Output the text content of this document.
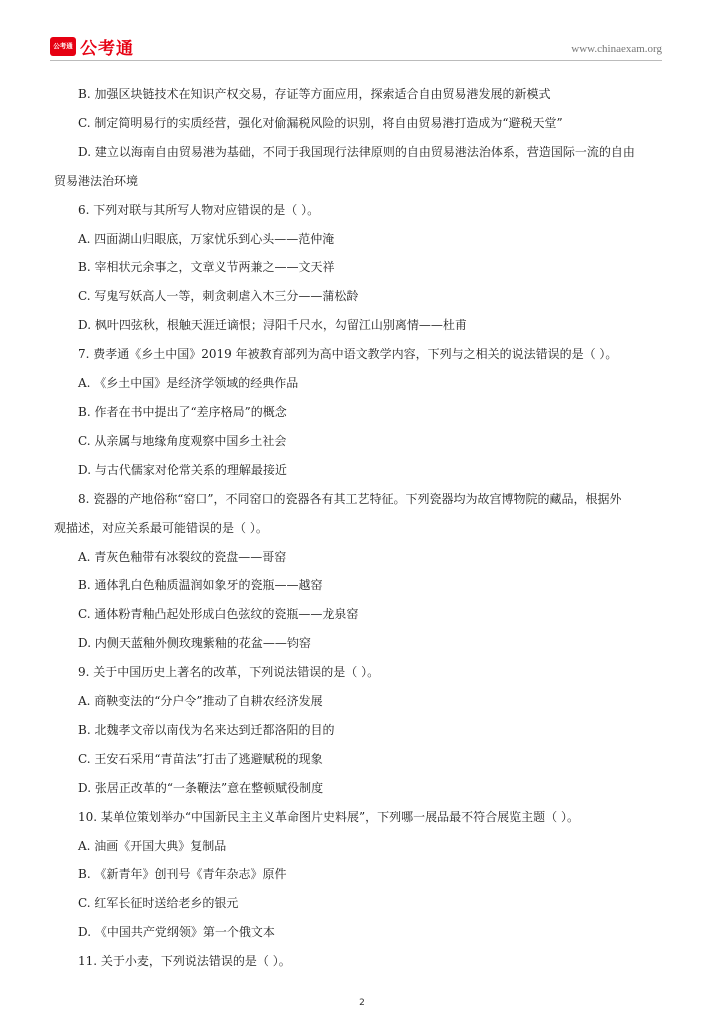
公考通 公考通	www.chinaexam.org

B. 加强区块链技术在知识产权交易，存证等方面应用，探索适合自由贸易港发展的新模式

C. 制定简明易行的实质经营，强化对偷漏税风险的识别，将自由贸易港打造成为“避税天堂”

D. 建立以海南自由贸易港为基础，不同于我国现行法律原则的自由贸易港法治体系，营造国际一流的自由

贸易港法治环境

6. 下列对联与其所写人物对应错误的是（ ）。

A. 四面湖山归眼底，万家忧乐到心头——范仲淹

B. 宰相状元余事之，文章义节两兼之——文天祥

C. 写鬼写妖高人一等，刺贪刺虐入木三分——蒲松龄

D. 枫叶四弦秋，根触天涯迁谪恨；浔阳千尺水，勾留江山别离情——杜甫

7. 费孝通《乡土中国》2019 年被教育部列为高中语文教学内容，下列与之相关的说法错误的是（ ）。

A. 《乡土中国》是经济学领域的经典作品

B. 作者在书中提出了“差序格局”的概念

C. 从亲属与地缘角度观察中国乡土社会

D. 与古代儒家对伦常关系的理解最接近

8. 瓷器的产地俗称“窑口”，不同窑口的瓷器各有其工艺特征。下列瓷器均为故宫博物院的藏品，根据外

观描述，对应关系最可能错误的是（ ）。

A. 青灰色釉带有冰裂纹的瓷盘——哥窑

B. 通体乳白色釉质温润如象牙的瓷瓶——越窑

C. 通体粉青釉凸起处形成白色弦纹的瓷瓶——龙泉窑

D. 内侧天蓝釉外侧玫瑰紫釉的花盆——钧窑

9. 关于中国历史上著名的改革，下列说法错误的是（ ）。

A. 商鞅变法的“分户令”推动了自耕农经济发展

B. 北魏孝文帝以南伐为名来达到迁都洛阳的目的

C. 王安石采用“青苗法”打击了逃避赋税的现象

D. 张居正改革的“一条鞭法”意在整顿赋役制度

10. 某单位策划举办“中国新民主主义革命图片史料展”，下列哪一展品最不符合展览主题（ ）。

A. 油画《开国大典》复制品

B. 《新青年》创刊号《青年杂志》原件

C. 红军长征时送给老乡的银元

D. 《中国共产党纲领》第一个俄文本

11. 关于小麦，下列说法错误的是（ ）。

2
